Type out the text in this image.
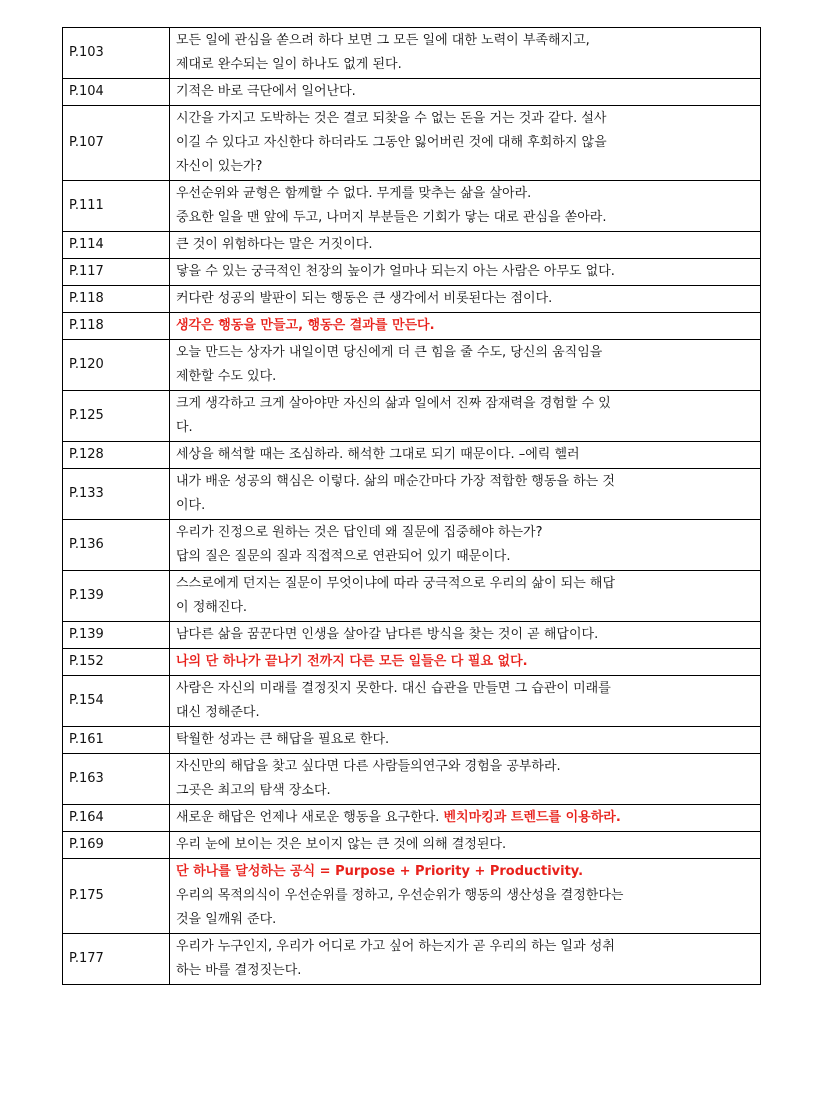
P.103	모든 일에 관심을 쏟으려 하다 보면 그 모든 일에 대한 노력이 부족해지고,
제대로 완수되는 일이 하나도 없게 된다.

P.104	기적은 바로 극단에서 일어난다.

P.107	시간을 가지고 도박하는 것은 결코 되찾을 수 없는 돈을 거는 것과 같다. 설사
이길 수 있다고 자신한다 하더라도 그동안 잃어버린 것에 대해 후회하지 않을
자신이 있는가?

P.111	우선순위와 균형은 함께할 수 없다. 무게를 맞추는 삶을 살아라.
중요한 일을 맨 앞에 두고, 나머지 부분들은 기회가 닿는 대로 관심을 쏟아라.

P.114	큰 것이 위험하다는 말은 거짓이다.

P.117	닿을 수 있는 궁극적인 천장의 높이가 얼마나 되는지 아는 사람은 아무도 없다.

P.118	커다란 성공의 발판이 되는 행동은 큰 생각에서 비롯된다는 점이다.

P.118	생각은 행동을 만들고, 행동은 결과를 만든다.

P.120	오늘 만드는 상자가 내일이면 당신에게 더 큰 힘을 줄 수도, 당신의 움직임을
제한할 수도 있다.

P.125	크게 생각하고 크게 살아야만 자신의 삶과 일에서 진짜 잠재력을 경험할 수 있
다.

P.128	세상을 해석할 때는 조심하라. 해석한 그대로 되기 때문이다. –에릭 헬러

P.133	내가 배운 성공의 핵심은 이렇다. 삶의 매순간마다 가장 적합한 행동을 하는 것
이다.

P.136	우리가 진정으로 원하는 것은 답인데 왜 질문에 집중해야 하는가?
답의 질은 질문의 질과 직접적으로 연관되어 있기 때문이다.

P.139	스스로에게 던지는 질문이 무엇이냐에 따라 궁극적으로 우리의 삶이 되는 해답
이 정해진다.

P.139	남다른 삶을 꿈꾼다면 인생을 살아갈 남다른 방식을 찾는 것이 곧 해답이다.

P.152	나의 단 하나가 끝나기 전까지 다른 모든 일들은 다 필요 없다.

P.154	사람은 자신의 미래를 결정짓지 못한다. 대신 습관을 만들면 그 습관이 미래를
대신 정해준다.

P.161	탁월한 성과는 큰 해답을 필요로 한다.

P.163	자신만의 해답을 찾고 싶다면 다른 사람들의연구와 경험을 공부하라.
그곳은 최고의 탐색 장소다.

P.164	새로운 해답은 언제나 새로운 행동을 요구한다. 벤치마킹과 트렌드를 이용하라.

P.169	우리 눈에 보이는 것은 보이지 않는 큰 것에 의해 결정된다.

P.175	단 하나를 달성하는 공식 = Purpose + Priority + Productivity.
우리의 목적의식이 우선순위를 정하고, 우선순위가 행동의 생산성을 결정한다는
것을 일깨워 준다.

P.177	우리가 누구인지, 우리가 어디로 가고 싶어 하는지가 곧 우리의 하는 일과 성취
하는 바를 결정짓는다.
